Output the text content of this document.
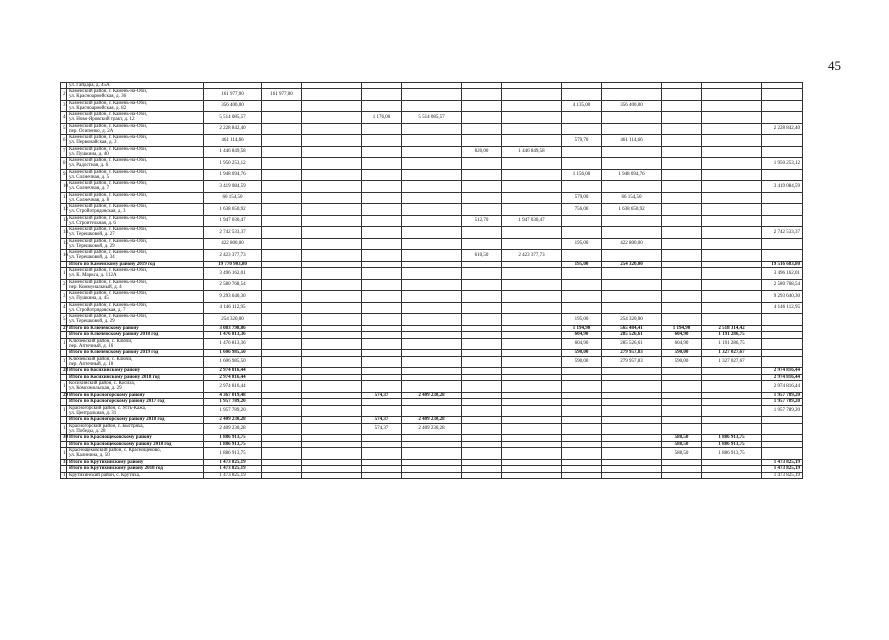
45
	ул. Гайдара, д. 45А												
2	Каменский район, г. Камень-на-Оби,
ул. Красноармейская, д. 36	161 977,00	161 977,00										
3	Каменский район, г. Камень-на-Оби,
ул. Красноармейская, д. 82	356 400,00							4 135,00	356 400,00			
4	Каменский район, г. Камень-на-Оби,
ул. Ново-Яровский тракт, д. 12	5 514 085,57			1 176,00	5 514 085,57							
5	Каменский район, г. Камень-на-Оби,
пер. Осипенко, д. 2А	2 228 842,40											2 228 842,40
6	Каменский район, г. Камень-на-Оби,
ул. Первомайская, д. 3	461 114,66							579,70	461 114,66			
7	Каменский район, г. Камень-на-Оби,
ул. Пушкина, д. 40	1 446 849,58					820,00	1 446 849,58					
8	Каменский район, г. Камень-на-Оби,
ул. Радостная, д. 6	1 950 253,12											1 950 253,12
9	Каменский район, г. Камень-на-Оби,
ул. Солнечная, д. 5	1 948 694,76							1 156,00	1 948 694,76			
10	Каменский район, г. Камень-на-Оби,
ул. Солнечная, д. 7	3 419 084,59											3 419 084,59
11	Каменский район, г. Камень-на-Оби,
ул. Солнечная, д. 8	66 154,50							579,00	66 154,50			
12	Каменский район, г. Камень-на-Оби,
ул. Стройотрядовская, д. 3	1 638 650,92							756,00	1 638 650,92			
13	Каменский район, г. Камень-на-Оби,
ул. Строительная, д. 6	1 947 030,47					512,70	1 947 030,47					
14	Каменский район, г. Камень-на-Оби,
ул. Терешковой, д. 27	2 742 533,37											2 742 533,37
15	Каменский район, г. Камень-на-Оби,
ул. Терешковой, д. 29	422 800,00							195,00	422 800,00			
16	Каменский район, г. Камень-на-Оби,
ул. Терешковой, д. 34	2 423 377,73					610,50	2 423 377,73					

	Итого по Каменскому району 2019 год	19 770 903,80							195,00	254 320,00			19 516 683,80
1	Каменский район, г. Камень-на-Оби,
ул. К. Маркса, д. 112А	3 496 162,01											3 496 162,01
2	Каменский район, г. Камень-на-Оби,
пер. Коммунальный, д. 4	2 580 768,54											2 580 768,54
3	Каменский район, г. Камень-на-Оби,
ул. Пушкина, д. 45	9 293 640,30											9 293 640,30
4	Каменский район, г. Камень-на-Оби,
ул. Стройотрядовская, д. 7	4 146 112,95											4 146 112,95
5	Каменский район, г. Камень-на-Оби,
ул. Терешковой, д. 29	254 320,00							195,00	254 320,00			
27	Итого по Ключевскому району	3 083 798,86							1 194,90	565 484,41	1 194,90	2 518 314,42	

	Итого по Ключевскому району 2018 год	1 476 813,36							604,90	285 526,61	604,90	1 191 286,75	
1	Ключевский район, с. Ключи,
пер. Аптечный, д. 16	1 476 813,36							604,90	285 526,61	604,90	1 191 286,75	

	Итого по Ключевскому району 2019 год	1 606 985,50							590,00	279 957,83	590,00	1 327 027,67	
1	Ключевский район, с. Ключи,
пер. Аптечный, д. 18	1 606 985,50							590,00	279 957,83	590,00	1 327 027,67	
28	Итого по Косихинскому району	2 974 816,44											2 974 816,44

	Итого по Косихинскому району 2018 год	2 974 816,44											2 974 816,44
1	Косихинский район, с. Косиха,
ул. Комсомольская, д. 29	2 974 816,44											2 974 816,44
29	Итого по Красногорскому району	4 367 019,48			574,37	2 409 230,28							1 957 789,20

	Итого по Красногорскому району 2017 год	1 957 789,20											1 957 789,20
1	Красногорский район, с. Усть-Кажа,
ул. Центральная, д. 31	1 957 789,20											1 957 789,20

	Итого по Красногорскому району 2018 год	2 409 230,28			574,37	2 409 230,28							
1	Красногорский район, с. Быстряха,
ул. Победы, д. 28	2 409 230,28			574,37	2 409 230,28							
30	Итого по Краснощековскому району	1 886 913,75									588,50	1 886 913,75	

	Итого по Краснощековскому району 2018 год	1 886 913,75									588,50	1 886 913,75	
1	Краснощековский район, с. Краснощеково,
ул. Калинина, д. 50	1 886 913,75									588,50	1 886 913,75	
31	Итого по Крутихинскому району	1 473 825,19											1 473 825,19

	Итого по Крутихинскому району 2018 год	1 473 825,19											1 473 825,19
1	Крутихинский район, с. Крутиха,	1 473 825,19											1 473 825,19
